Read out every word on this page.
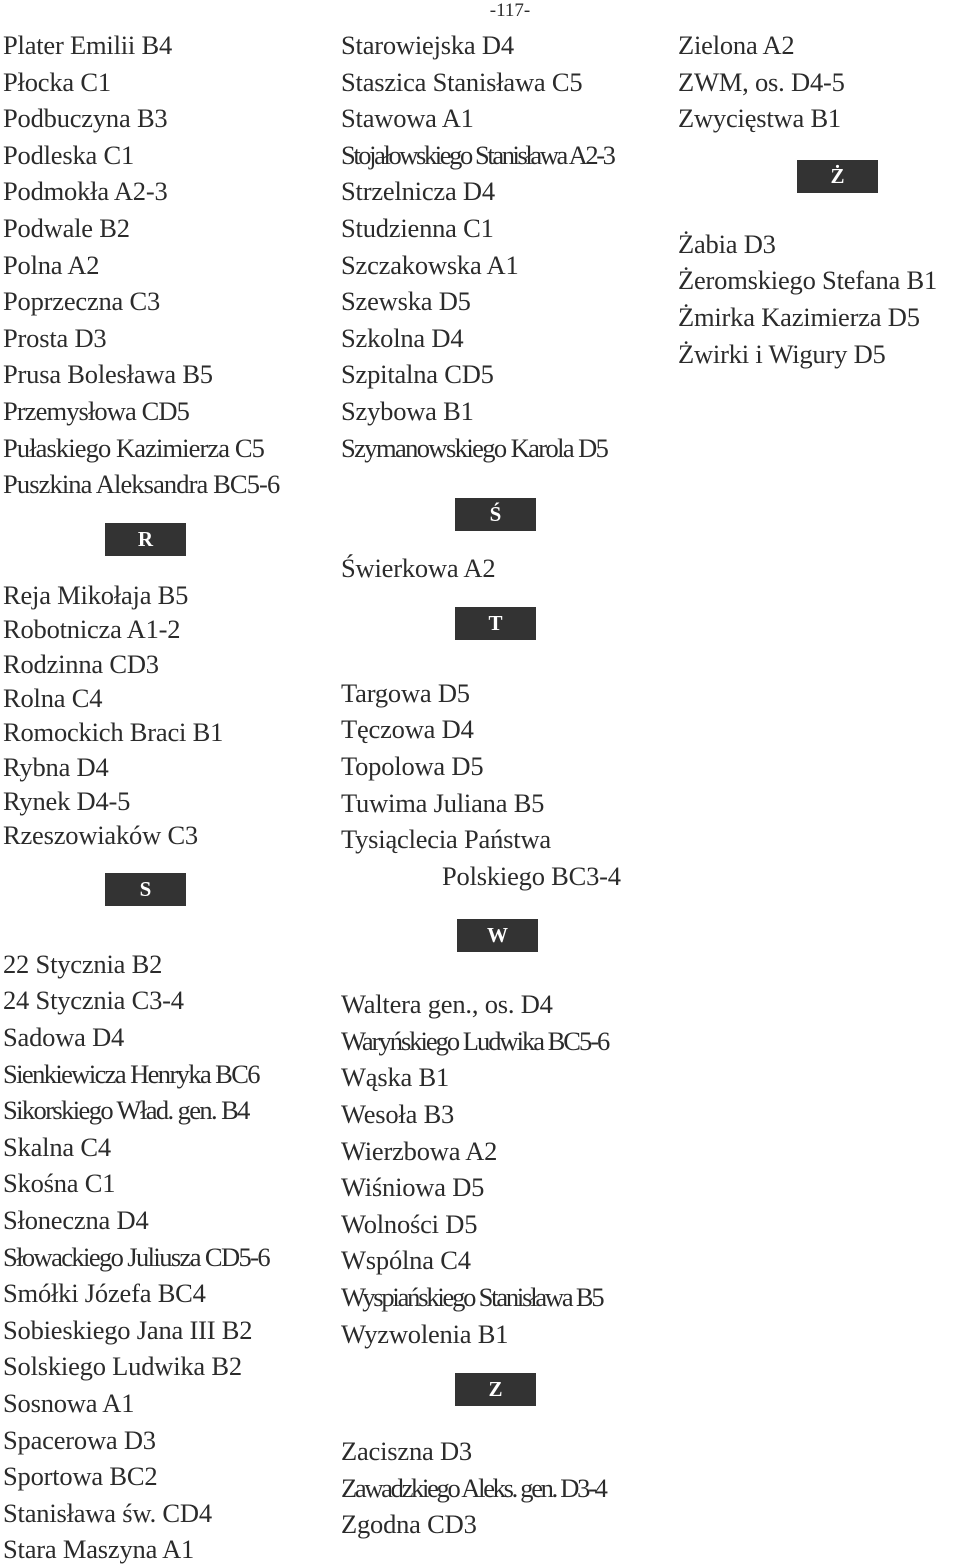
-117-
Plater Emilii B4
Płocka C1
Podbuczyna B3
Podleska C1
Podmokła A2-3
Podwale B2
Polna A2
Poprzeczna C3
Prosta D3
Prusa Bolesława B5
Przemysłowa CD5
Pułaskiego Kazimierza C5
Puszkina Aleksandra BC5-6
R
Reja Mikołaja B5
Robotnicza A1-2
Rodzinna CD3
Rolna C4
Romockich Braci B1
Rybna D4
Rynek D4-5
Rzeszowiaków C3
S
22 Stycznia B2
24 Stycznia C3-4
Sadowa D4
Sienkiewicza Henryka BC6
Sikorskiego Wład. gen. B4
Skalna C4
Skośna C1
Słoneczna D4
Słowackiego Juliusza CD5-6
Smółki Józefa BC4
Sobieskiego Jana III B2
Solskiego Ludwika B2
Sosnowa A1
Spacerowa D3
Sportowa BC2
Stanisława św. CD4
Stara Maszyna A1
Starowiejska D4
Staszica Stanisława C5
Stawowa A1
Stojałowskiego Stanisława A2-3
Strzelnicza D4
Studzienna C1
Szczakowska A1
Szewska D5
Szkolna D4
Szpitalna CD5
Szybowa B1
Szymanowskiego Karola D5
Ś
Świerkowa A2
T
Targowa D5
Tęczowa D4
Topolowa D5
Tuwima Juliana B5
Tysiąclecia Państwa
Polskiego BC3-4
W
Waltera gen., os. D4
Waryńskiego Ludwika BC5-6
Wąska B1
Wesoła B3
Wierzbowa A2
Wiśniowa D5
Wolności D5
Wspólna C4
Wyspiańskiego Stanisława B5
Wyzwolenia B1
Z
Zaciszna D3
Zawadzkiego Aleks. gen. D3-4
Zgodna CD3
Zielona A2
ZWM, os. D4-5
Zwycięstwa B1
Ż
Żabia D3
Żeromskiego Stefana B1
Żmirka Kazimierza D5
Żwirki i Wigury D5
